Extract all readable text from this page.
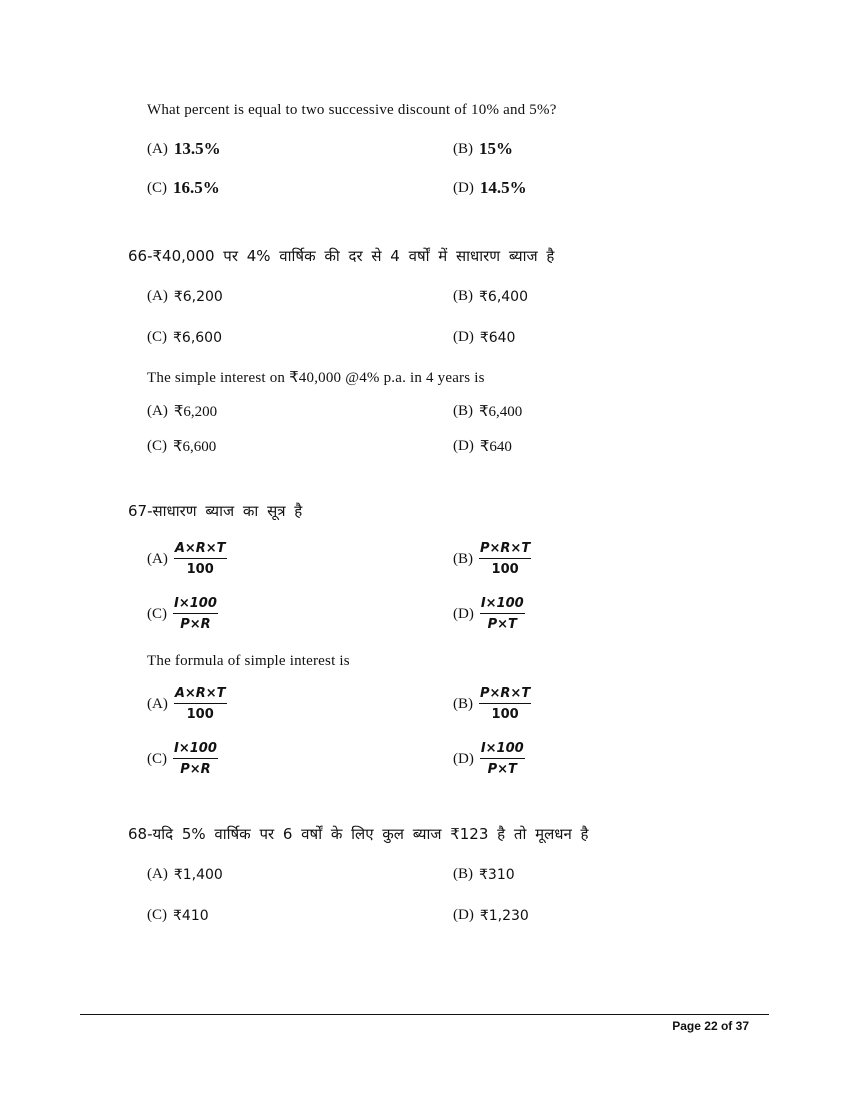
What percent is equal to two successive discount of 10% and 5%?
(A) 13.5%	(B) 15%
(C) 16.5%	(D) 14.5%
66-₹40,000 पर 4% वार्षिक की दर से 4 वर्षों में साधारण ब्याज है
(A) ₹6,200	(B) ₹6,400
(C) ₹6,600	(D) ₹640
The simple interest on ₹40,000 @4% p.a. in 4 years is
(A) ₹6,200	(B) ₹6,400
(C) ₹6,600	(D) ₹640
67-साधारण ब्याज का सूत्र है
$(A) \frac{A\times R\times T}{100}$	$(B) \frac{P\times R\times T}{100}$
$(C) \frac{I\times 100}{P\times R}$	$(D) \frac{I\times 100}{P\times T}$
The formula of simple interest is
$(A) \frac{A\times R\times T}{100}$	$(B) \frac{P\times R\times T}{100}$
$(C) \frac{I\times 100}{P\times R}$	$(D) \frac{I\times 100}{P\times T}$
68-यदि 5% वार्षिक पर 6 वर्षों के लिए कुल ब्याज ₹123 है तो मूलधन है
(A) ₹1,400	(B) ₹310
(C) ₹410	(D) ₹1,230
Page 22 of 37
